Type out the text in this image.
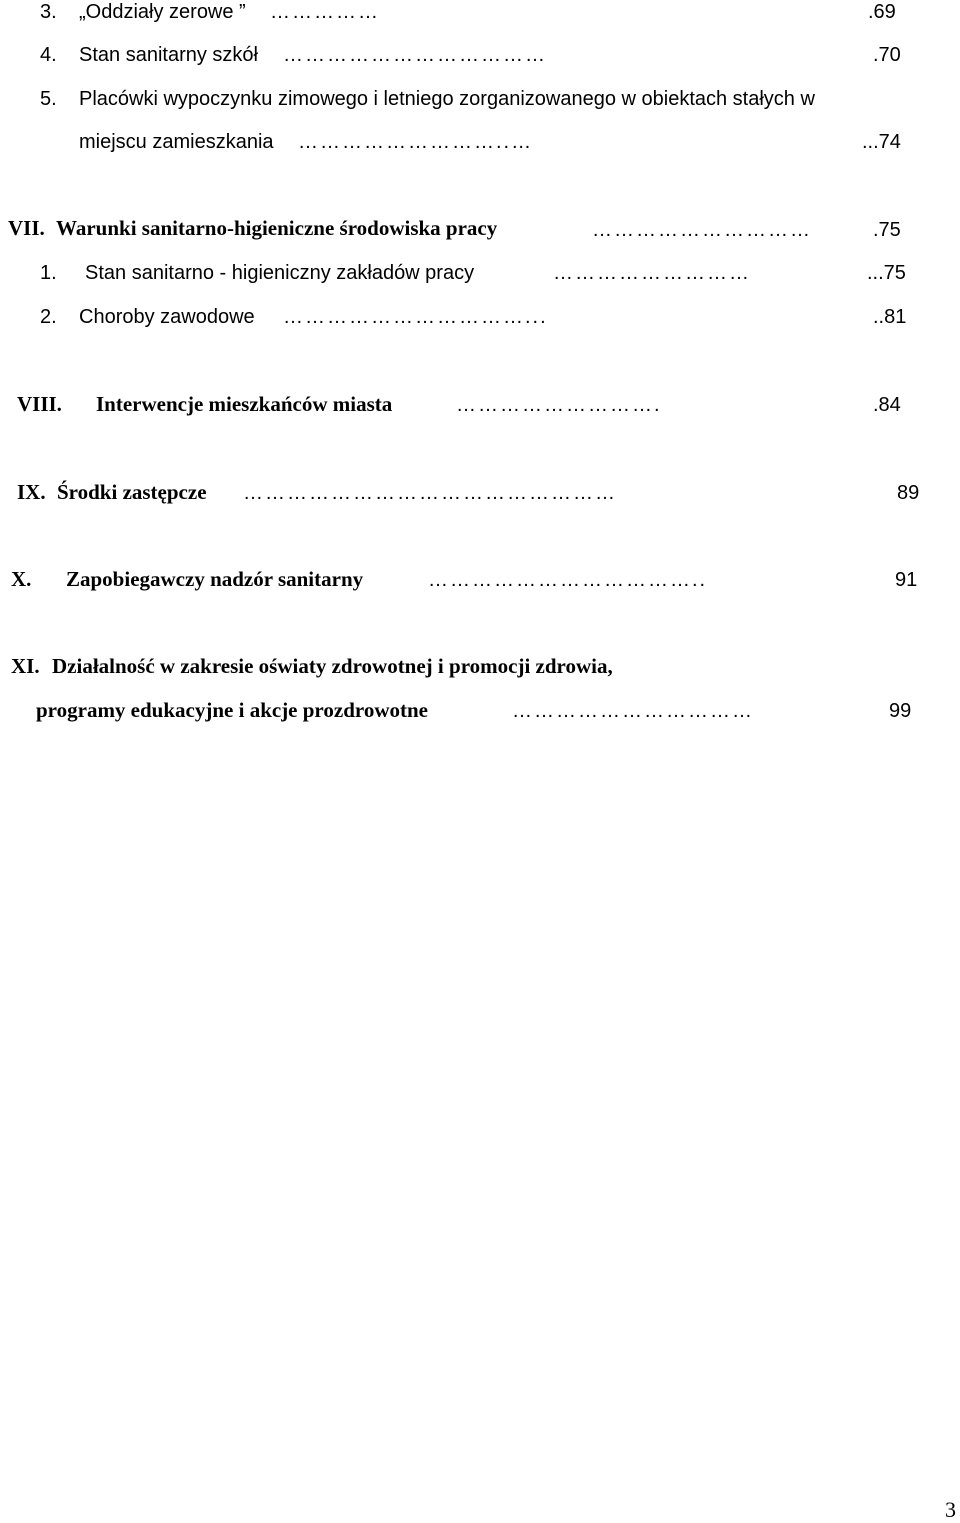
3. „Oddziały zerowe ” ……………	.69
4. Stan sanitarny szkół ………………………………	.70
5. Placówki wypoczynku zimowego i letniego zorganizowanego w obiektach stałych w
miejscu zamieszkania ………………………..…	...74
VII. Warunki sanitarno-higieniczne środowiska pracy	…………………………	.75
1. Stan sanitarno - higieniczny zakładów pracy	………………………	...75
2. Choroby zawodowe ……………………………...	..81
VIII. Interwencje mieszkańców miasta	……………………….	.84
IX. Środki zastępcze ……………………………………………	89
X. Zapobiegawczy nadzór sanitarny	………………………………..	91
XI. Działalność w zakresie oświaty zdrowotnej i promocji zdrowia,
programy edukacyjne i akcje prozdrowotne	……………………………	99
3
